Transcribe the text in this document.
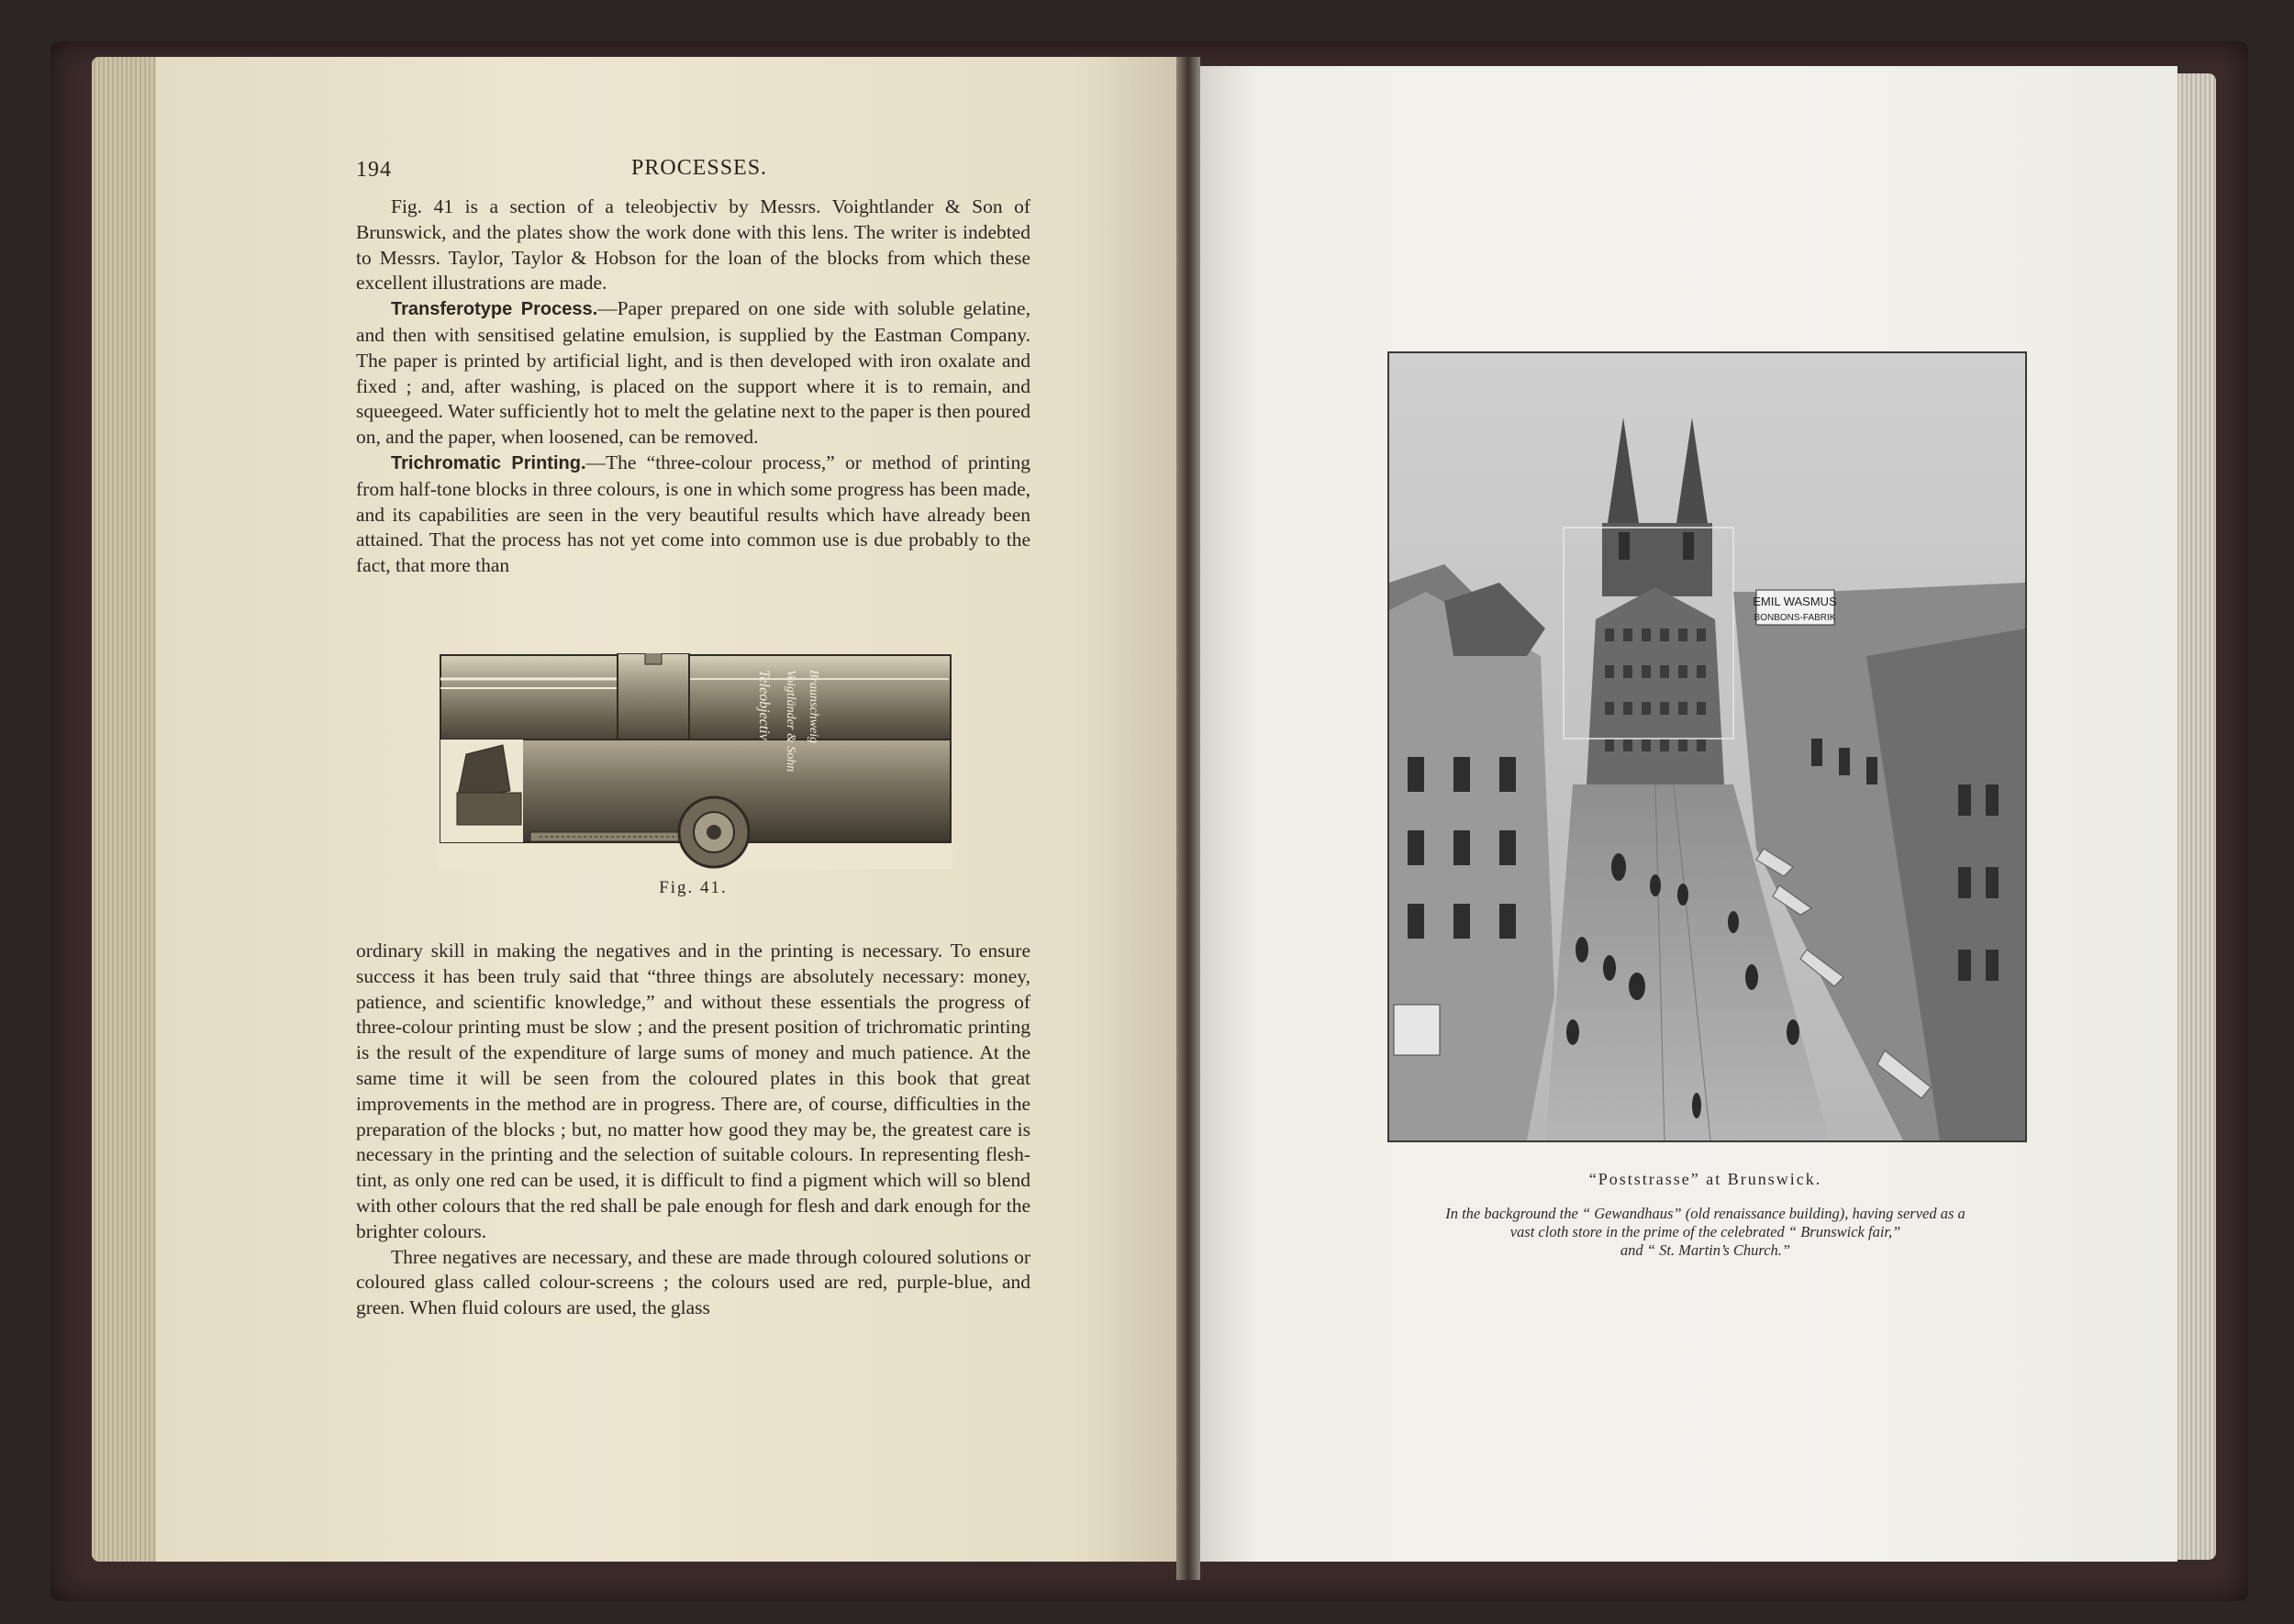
194	PROCESSES.

Fig. 41 is a section of a teleobjectiv by Messrs. Voightlander & Son of Brunswick, and the plates show the work done with this lens. The writer is indebted to Messrs. Taylor, Taylor & Hobson for the loan of the blocks from which these excellent illustrations are made.

Transferotype Process.—Paper prepared on one side with soluble gelatine, and then with sensitised gelatine emulsion, is supplied by the Eastman Company. The paper is printed by artificial light, and is then developed with iron oxalate and fixed ; and, after washing, is placed on the support where it is to remain, and squeegeed. Water sufficiently hot to melt the gelatine next to the paper is then poured on, and the paper, when loosened, can be removed.

Trichromatic Printing.—The “three-colour process,” or method of printing from half-tone blocks in three colours, is one in which some progress has been made, and its capabilities are seen in the very beautiful results which have already been attained. That the process has not yet come into common use is due probably to the fact, that more than

Teleobjectiv Voigtländer & Sohn Braunschweig
Fig. 41.

ordinary skill in making the negatives and in the printing is necessary. To ensure success it has been truly said that “three things are absolutely necessary: money, patience, and scientific knowledge,” and without these essentials the progress of three-colour printing must be slow ; and the present position of trichromatic printing is the result of the expenditure of large sums of money and much patience. At the same time it will be seen from the coloured plates in this book that great improvements in the method are in progress. There are, of course, difficulties in the preparation of the blocks ; but, no matter how good they may be, the greatest care is necessary in the printing and the selection of suitable colours. In representing flesh-tint, as only one red can be used, it is difficult to find a pigment which will so blend with other colours that the red shall be pale enough for flesh and dark enough for the brighter colours.

Three negatives are necessary, and these are made through coloured solutions or coloured glass called colour-screens ; the colours used are red, purple-blue, and green. When fluid colours are used, the glass

EMIL WASMUS
BONBONS-FABRIK
“Poststrasse” at Brunswick.
In the background the “ Gewandhaus” (old renaissance building), having served as a
vast cloth store in the prime of the celebrated “ Brunswick fair,”
and “ St. Martin’s Church.”
